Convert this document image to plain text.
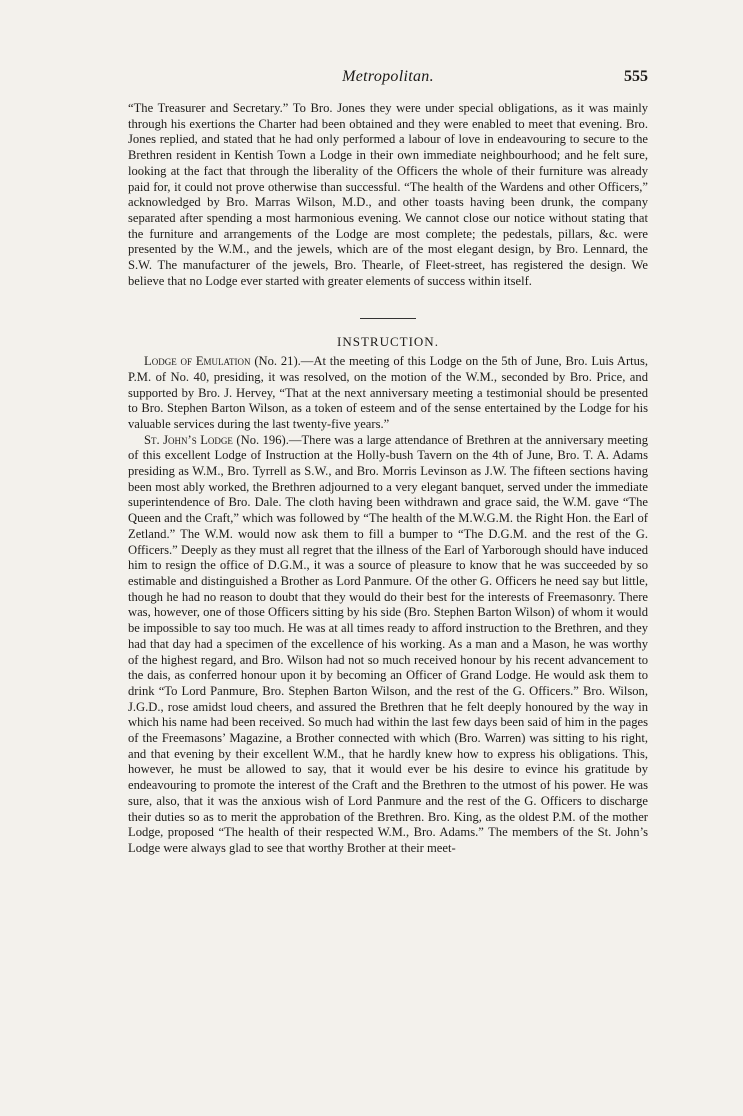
Metropolitan.	555

“The Treasurer and Secretary.” To Bro. Jones they were under special obligations, as it was mainly through his exertions the Charter had been obtained and they were enabled to meet that evening. Bro. Jones replied, and stated that he had only performed a labour of love in endeavouring to secure to the Brethren resident in Kentish Town a Lodge in their own immediate neighbourhood; and he felt sure, looking at the fact that through the liberality of the Officers the whole of their furniture was already paid for, it could not prove otherwise than successful. “The health of the Wardens and other Officers,” acknowledged by Bro. Marras Wilson, M.D., and other toasts having been drunk, the company separated after spending a most harmonious evening. We cannot close our notice without stating that the furniture and arrangements of the Lodge are most complete; the pedestals, pillars, &c. were presented by the W.M., and the jewels, which are of the most elegant design, by Bro. Lennard, the S.W. The manufacturer of the jewels, Bro. Thearle, of Fleet-street, has registered the design. We believe that no Lodge ever started with greater elements of success within itself.

INSTRUCTION.

Lodge of Emulation (No. 21).—At the meeting of this Lodge on the 5th of June, Bro. Luis Artus, P.M. of No. 40, presiding, it was resolved, on the motion of the W.M., seconded by Bro. Price, and supported by Bro. J. Hervey, “That at the next anniversary meeting a testimonial should be presented to Bro. Stephen Barton Wilson, as a token of esteem and of the sense entertained by the Lodge for his valuable services during the last twenty-five years.”

St. John’s Lodge (No. 196).—There was a large attendance of Brethren at the anniversary meeting of this excellent Lodge of Instruction at the Holly-bush Tavern on the 4th of June, Bro. T. A. Adams presiding as W.M., Bro. Tyrrell as S.W., and Bro. Morris Levinson as J.W. The fifteen sections having been most ably worked, the Brethren adjourned to a very elegant banquet, served under the immediate superintendence of Bro. Dale. The cloth having been withdrawn and grace said, the W.M. gave “The Queen and the Craft,” which was followed by “The health of the M.W.G.M. the Right Hon. the Earl of Zetland.” The W.M. would now ask them to fill a bumper to “The D.G.M. and the rest of the G. Officers.” Deeply as they must all regret that the illness of the Earl of Yarborough should have induced him to resign the office of D.G.M., it was a source of pleasure to know that he was succeeded by so estimable and distinguished a Brother as Lord Panmure. Of the other G. Officers he need say but little, though he had no reason to doubt that they would do their best for the interests of Freemasonry. There was, however, one of those Officers sitting by his side (Bro. Stephen Barton Wilson) of whom it would be impossible to say too much. He was at all times ready to afford instruction to the Brethren, and they had that day had a specimen of the excellence of his working. As a man and a Mason, he was worthy of the highest regard, and Bro. Wilson had not so much received honour by his recent advancement to the dais, as conferred honour upon it by becoming an Officer of Grand Lodge. He would ask them to drink “To Lord Panmure, Bro. Stephen Barton Wilson, and the rest of the G. Officers.” Bro. Wilson, J.G.D., rose amidst loud cheers, and assured the Brethren that he felt deeply honoured by the way in which his name had been received. So much had within the last few days been said of him in the pages of the Freemasons’ Magazine, a Brother connected with which (Bro. Warren) was sitting to his right, and that evening by their excellent W.M., that he hardly knew how to express his obligations. This, however, he must be allowed to say, that it would ever be his desire to evince his gratitude by endeavouring to promote the interest of the Craft and the Brethren to the utmost of his power. He was sure, also, that it was the anxious wish of Lord Panmure and the rest of the G. Officers to discharge their duties so as to merit the approbation of the Brethren. Bro. King, as the oldest P.M. of the mother Lodge, proposed “The health of their respected W.M., Bro. Adams.” The members of the St. John’s Lodge were always glad to see that worthy Brother at their meet-
